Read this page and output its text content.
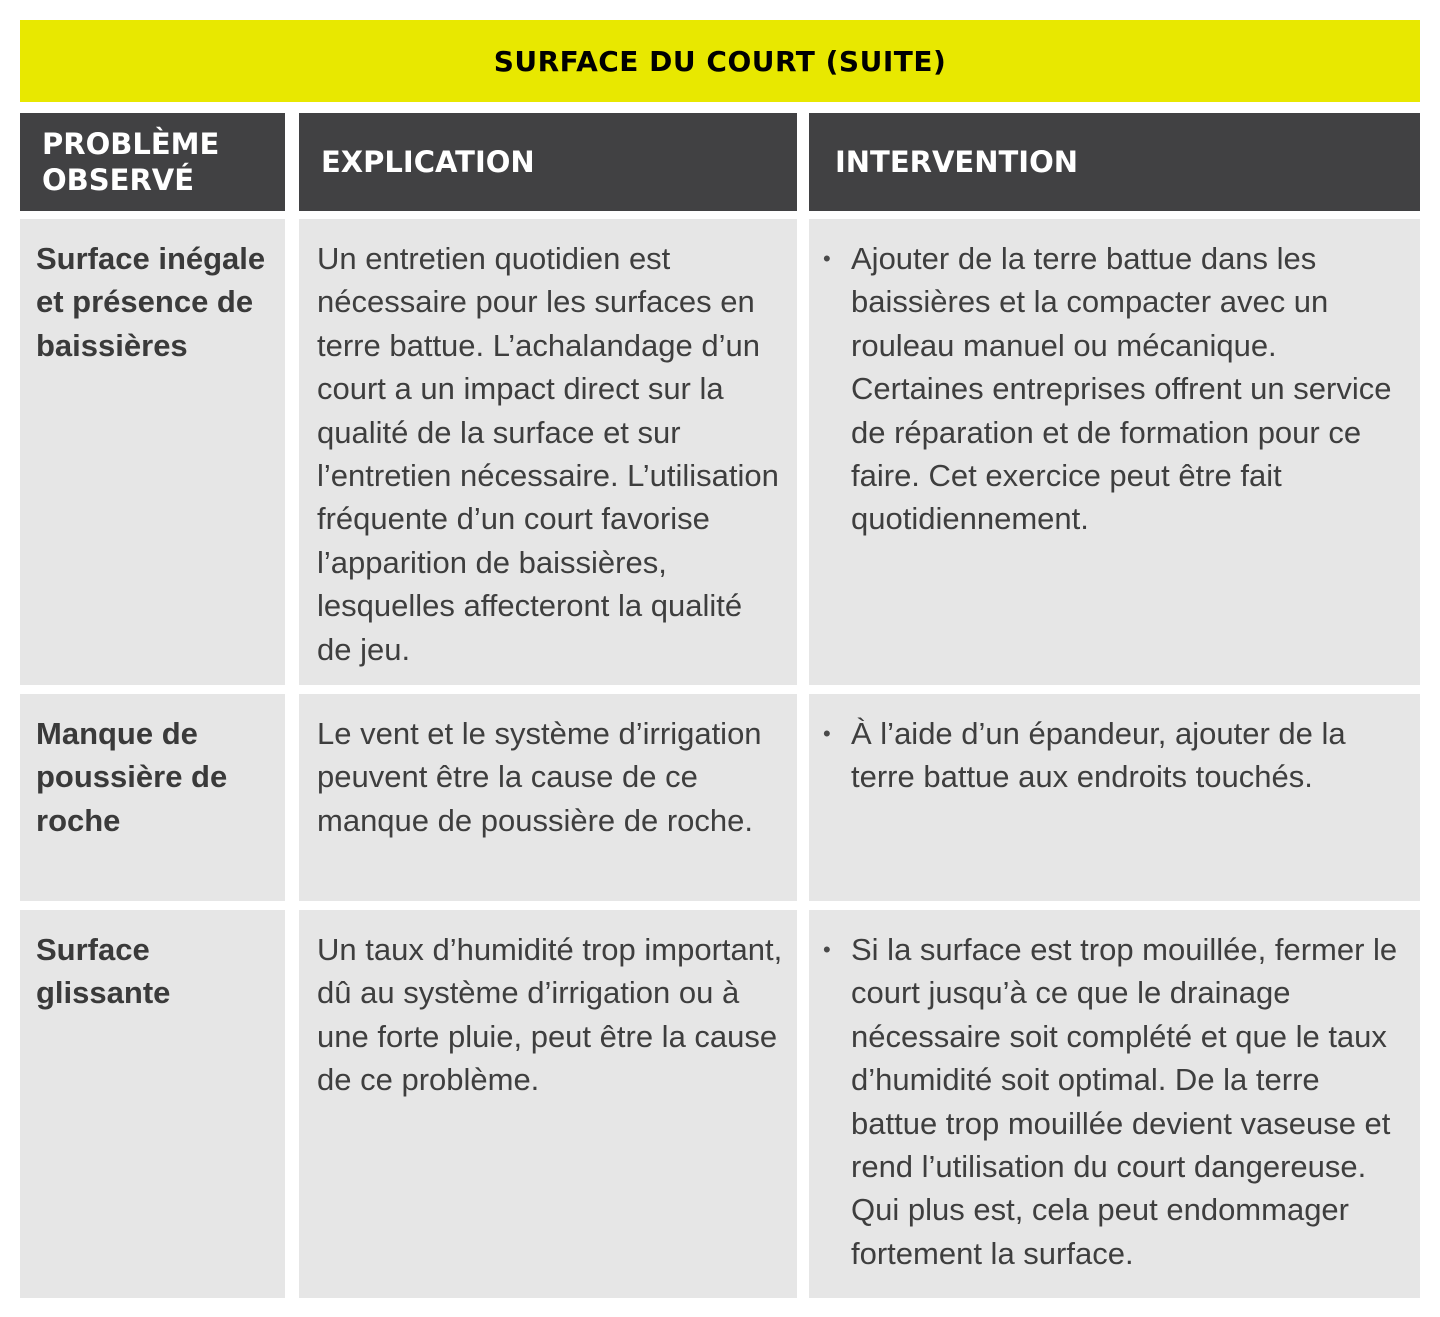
SURFACE DU COURT (SUITE)
PROBLÈME
OBSERVÉ
EXPLICATION	INTERVENTION
Surface inégale et présence de baissières
Un entretien quotidien est nécessaire pour les surfaces en terre battue. L’achalandage d’un court a un impact direct sur la qualité de la surface et sur l’entretien nécessaire. L’utilisation fréquente d’un court favorise l’apparition de baissières, lesquelles affecteront la qualité de jeu.
• Ajouter de la terre battue dans les baissières et la compacter avec un rouleau manuel ou mécanique. Certaines entreprises offrent un service de réparation et de formation pour ce faire. Cet exercice peut être fait quotidiennement.
Manque de poussière de roche
Le vent et le système d’irrigation peuvent être la cause de ce manque de poussière de roche.
• À l’aide d’un épandeur, ajouter de la terre battue aux endroits touchés.
Surface glissante
Un taux d’humidité trop important, dû au système d’irrigation ou à une forte pluie, peut être la cause de ce problème.
• Si la surface est trop mouillée, fermer le court jusqu’à ce que le drainage nécessaire soit complété et que le taux d’humidité soit optimal. De la terre battue trop mouillée devient vaseuse et rend l’utilisation du court dangereuse. Qui plus est, cela peut endommager fortement la surface.
